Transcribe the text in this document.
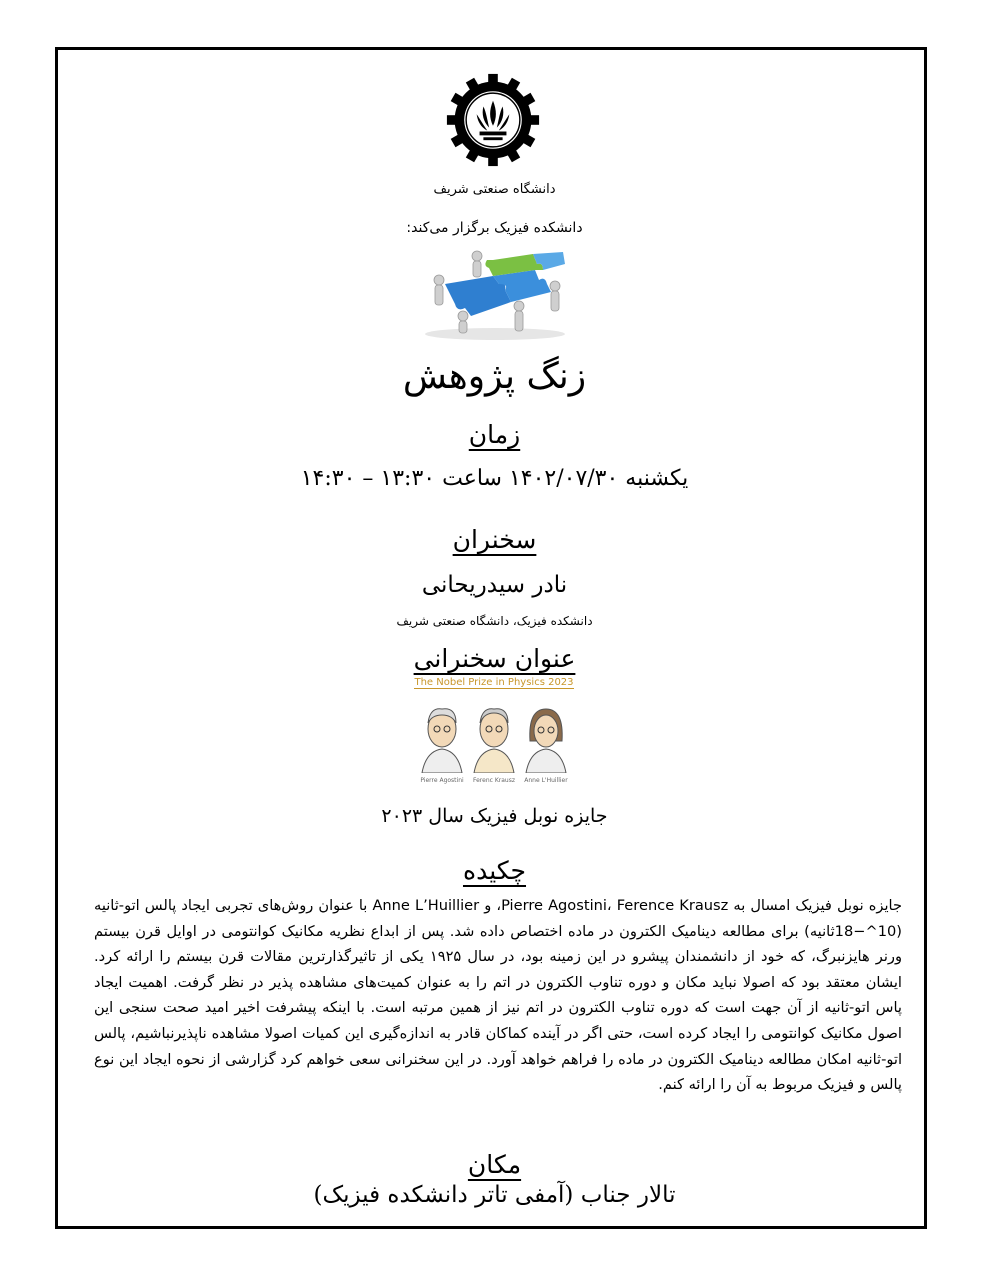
دانشگاه صنعتی شریف
دانشکده فیزیک برگزار می‌کند:
زنگ پژوهش
زمان
یکشنبه ۱۴۰۲/۰۷/۳۰ ساعت ۱۳:۳۰ – ۱۴:۳۰
سخنران
نادر سیدریحانی
دانشکده فیزیک، دانشگاه صنعتی شریف
عنوان سخنرانی
The Nobel Prize in Physics 2023
Pierre Agostini	Ferenc Krausz	Anne L'Huillier
جایزه نوبل فیزیک سال ۲۰۲۳
چکیده
جایزه نوبل فیزیک امسال به Pierre Agostini، Ference Krausz، و Anne L’Huillier با عنوان روش‌های تجربی ایجاد پالس اتو-ثانیه (10^−18ثانیه) برای مطالعه دینامیک الکترون در ماده اختصاص داده شد. پس از ابداع نظریه مکانیک کوانتومی در اوایل قرن بیستم ورنر هایزنبرگ، که خود از دانشمندان پیشرو در این زمینه بود، در سال ۱۹۲۵ یکی از تاثیرگذارترین مقالات قرن بیستم را ارائه کرد. ایشان معتقد بود که اصولا نباید مکان و دوره تناوب الکترون در اتم را به عنوان کمیت‌های مشاهده پذیر در نظر گرفت. اهمیت ایجاد پاس اتو-ثانیه از آن جهت است که دوره تناوب الکترون در اتم نیز از همین مرتبه است. با اینکه پیشرفت اخیر امید صحت سنجی این اصول مکانیک کوانتومی را ایجاد کرده است، حتی اگر در آینده کماکان قادر به اندازه‌گیری این کمیات اصولا مشاهده ناپذیرنباشیم، پالس اتو-ثانیه امکان مطالعه دینامیک الکترون در ماده را فراهم خواهد آورد. در این سخنرانی سعی خواهم کرد گزارشی از نحوه ایجاد این نوع پالس و فیزیک مربوط به آن را ارائه کنم.
مکان
تالار جناب (آمفی تاتر دانشکده فیزیک)
